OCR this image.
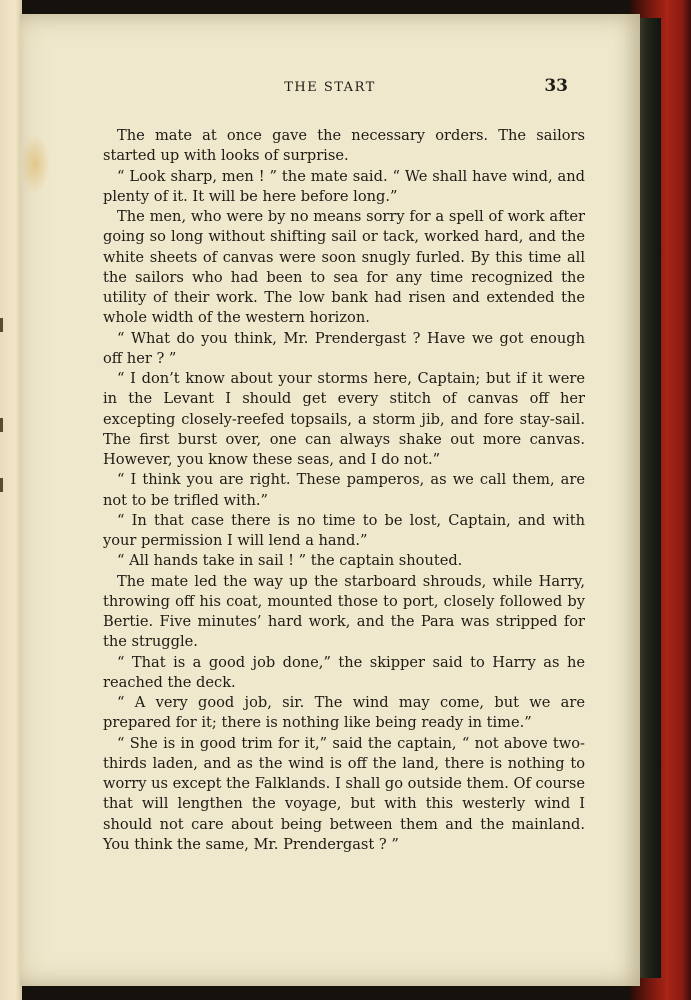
THE START	33

The mate at once gave the necessary orders. The sailors started up with looks of surprise.

“ Look sharp, men ! ” the mate said. “ We shall have wind, and plenty of it. It will be here before long.”

The men, who were by no means sorry for a spell of work after going so long without shifting sail or tack, worked hard, and the white sheets of canvas were soon snugly furled. By this time all the sailors who had been to sea for any time recognized the utility of their work. The low bank had risen and extended the whole width of the western horizon.

“ What do you think, Mr. Prendergast ? Have we got enough off her ? ”

“ I don’t know about your storms here, Captain; but if it were in the Levant I should get every stitch of canvas off her excepting closely-reefed topsails, a storm jib, and fore stay-sail. The first burst over, one can always shake out more canvas. However, you know these seas, and I do not.”

“ I think you are right. These pamperos, as we call them, are not to be trifled with.”

“ In that case there is no time to be lost, Captain, and with your permission I will lend a hand.”

“ All hands take in sail ! ” the captain shouted.

The mate led the way up the starboard shrouds, while Harry, throwing off his coat, mounted those to port, closely followed by Bertie. Five minutes’ hard work, and the Para was stripped for the struggle.

“ That is a good job done,” the skipper said to Harry as he reached the deck.

“ A very good job, sir. The wind may come, but we are prepared for it; there is nothing like being ready in time.”

“ She is in good trim for it,” said the captain, “ not above two-thirds laden, and as the wind is off the land, there is nothing to worry us except the Falklands. I shall go outside them. Of course that will lengthen the voyage, but with this westerly wind I should not care about being between them and the mainland. You think the same, Mr. Prendergast ? ”
